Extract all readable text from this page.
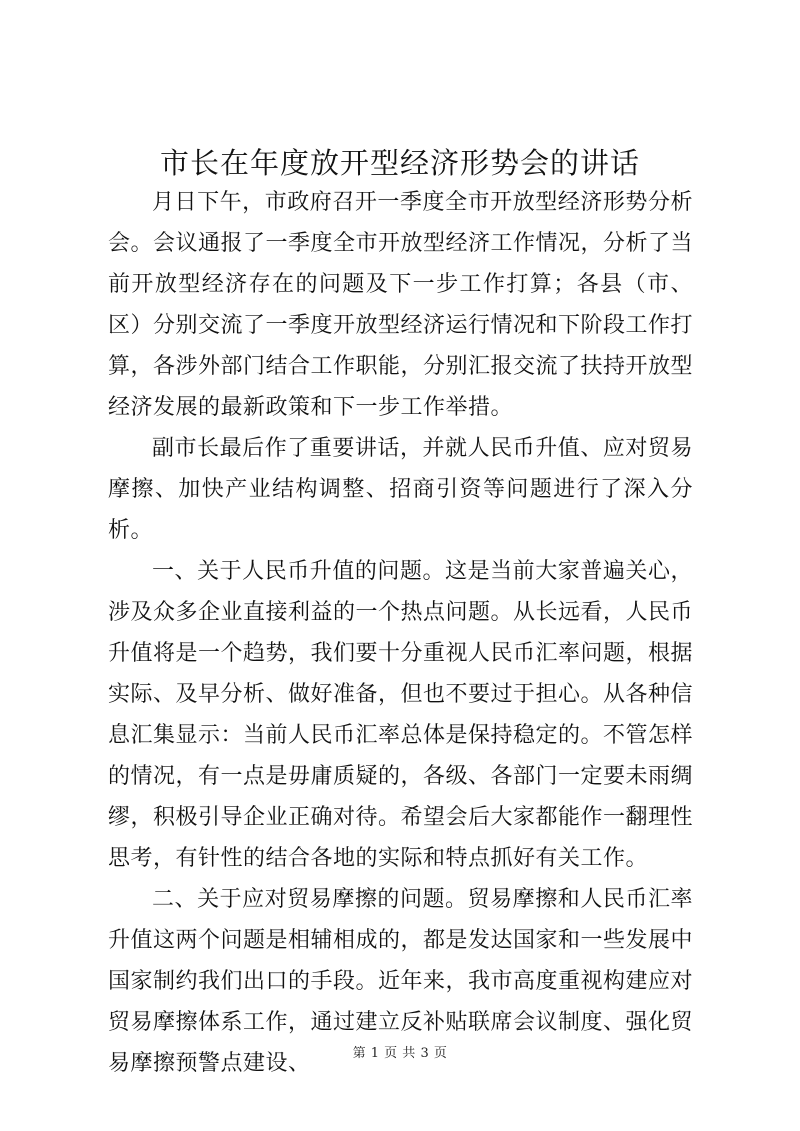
市长在年度放开型经济形势会的讲话

月日下午，市政府召开一季度全市开放型经济形势分析会。会议通报了一季度全市开放型经济工作情况，分析了当前开放型经济存在的问题及下一步工作打算；各县（市、区）分别交流了一季度开放型经济运行情况和下阶段工作打算，各涉外部门结合工作职能，分别汇报交流了扶持开放型经济发展的最新政策和下一步工作举措。

副市长最后作了重要讲话，并就人民币升值、应对贸易摩擦、加快产业结构调整、招商引资等问题进行了深入分析。

一、关于人民币升值的问题。这是当前大家普遍关心，涉及众多企业直接利益的一个热点问题。从长远看，人民币升值将是一个趋势，我们要十分重视人民币汇率问题，根据实际、及早分析、做好准备，但也不要过于担心。从各种信息汇集显示：当前人民币汇率总体是保持稳定的。不管怎样的情况，有一点是毋庸质疑的，各级、各部门一定要未雨绸缪，积极引导企业正确对待。希望会后大家都能作一翻理性思考，有针性的结合各地的实际和特点抓好有关工作。

二、关于应对贸易摩擦的问题。贸易摩擦和人民币汇率升值这两个问题是相辅相成的，都是发达国家和一些发展中国家制约我们出口的手段。近年来，我市高度重视构建应对贸易摩擦体系工作，通过建立反补贴联席会议制度、强化贸易摩擦预警点建设、	第 1 页 共 3 页
